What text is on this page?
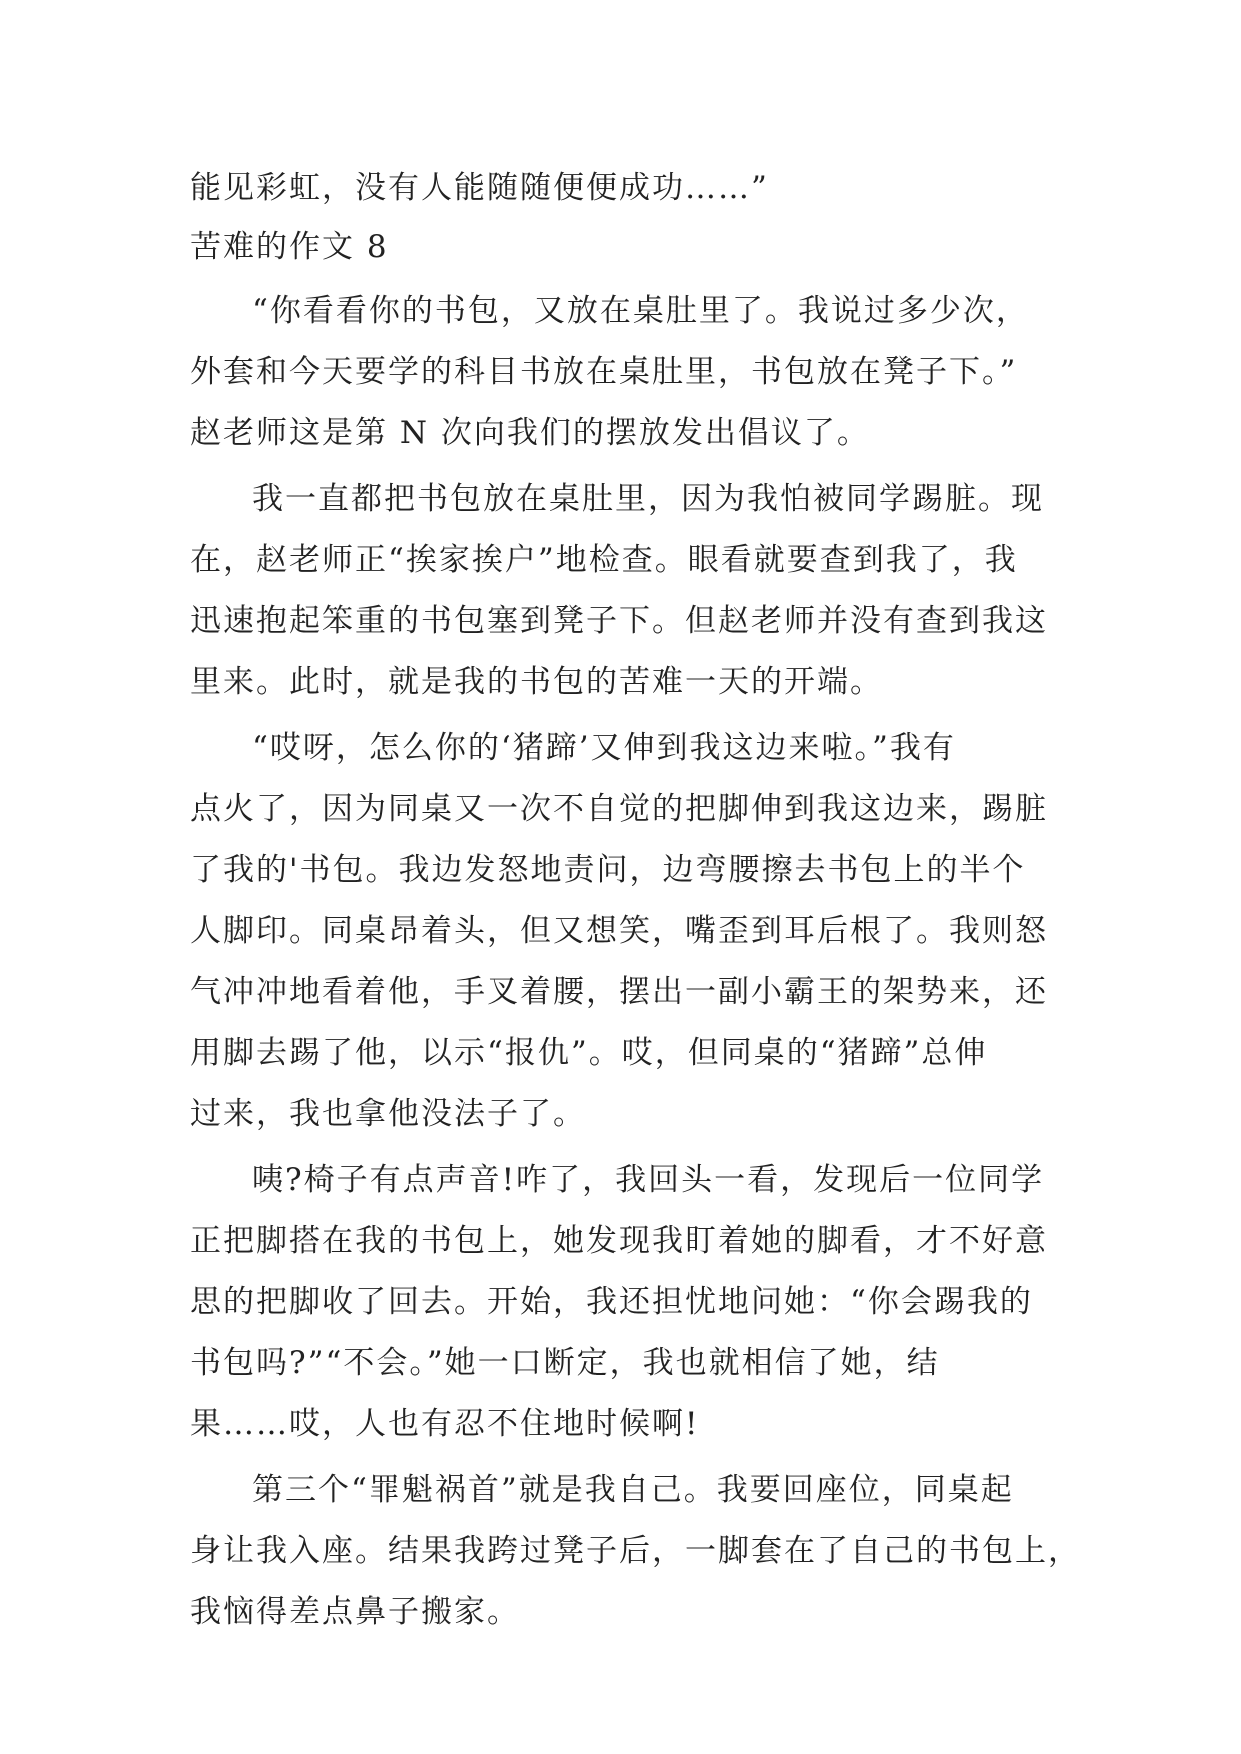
能见彩虹，没有人能随随便便成功……”
苦难的作文 8
“你看看你的书包，又放在桌肚里了。我说过多少次，
外套和今天要学的科目书放在桌肚里，书包放在凳子下。”
赵老师这是第 N 次向我们的摆放发出倡议了。
我一直都把书包放在桌肚里，因为我怕被同学踢脏。现
在，赵老师正“挨家挨户”地检查。眼看就要查到我了，我
迅速抱起笨重的书包塞到凳子下。但赵老师并没有查到我这
里来。此时，就是我的书包的苦难一天的开端。
“哎呀，怎么你的‘猪蹄’又伸到我这边来啦。”我有
点火了，因为同桌又一次不自觉的把脚伸到我这边来，踢脏
了我的'书包。我边发怒地责问，边弯腰擦去书包上的半个
人脚印。同桌昂着头，但又想笑，嘴歪到耳后根了。我则怒
气冲冲地看着他，手叉着腰，摆出一副小霸王的架势来，还
用脚去踢了他，以示“报仇”。哎，但同桌的“猪蹄”总伸
过来，我也拿他没法子了。
咦?椅子有点声音!咋了，我回头一看，发现后一位同学
正把脚搭在我的书包上，她发现我盯着她的脚看，才不好意
思的把脚收了回去。开始，我还担忧地问她：“你会踢我的
书包吗?”“不会。”她一口断定，我也就相信了她，结
果……哎，人也有忍不住地时候啊!
第三个“罪魁祸首”就是我自己。我要回座位，同桌起
身让我入座。结果我跨过凳子后，一脚套在了自己的书包上，
我恼得差点鼻子搬家。
